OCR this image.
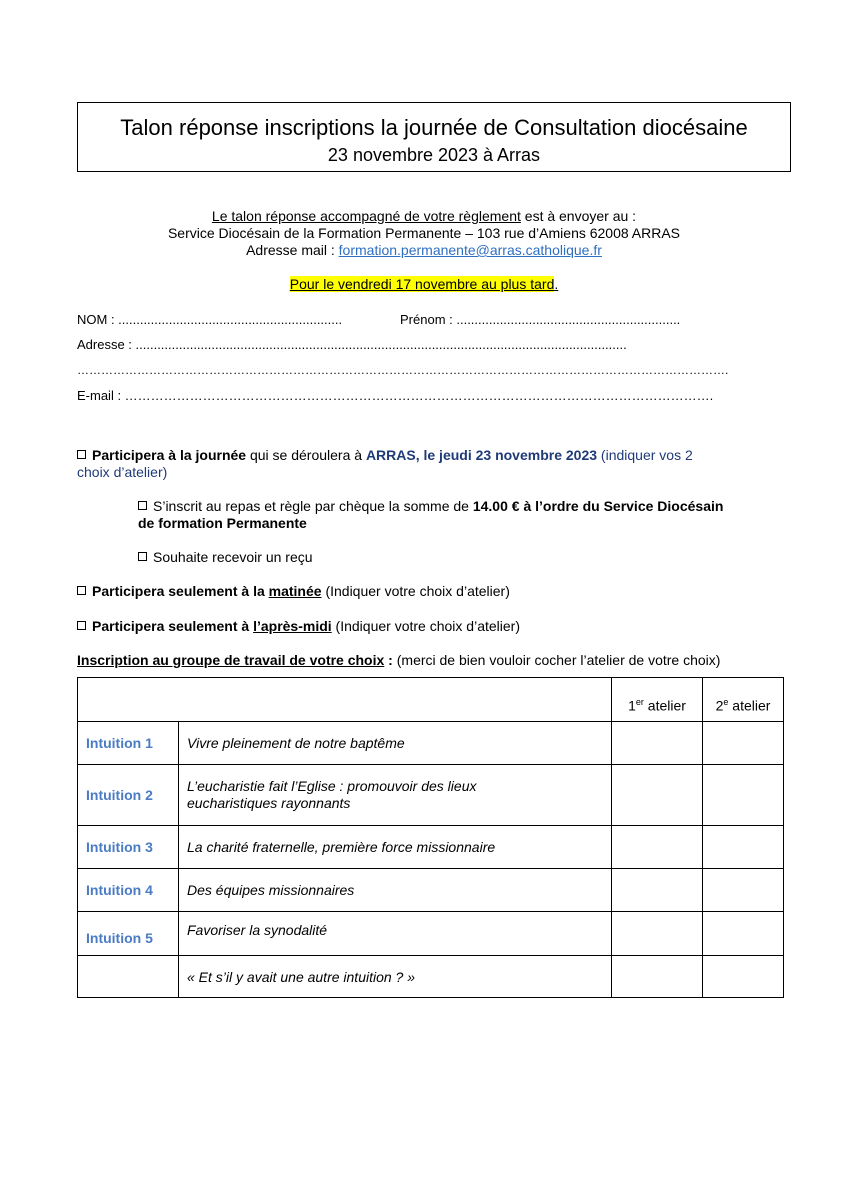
Talon réponse inscriptions la journée de Consultation diocésaine
23 novembre 2023 à Arras
Le talon réponse accompagné de votre règlement est à envoyer au :
Service Diocésain de la Formation Permanente – 103 rue d’Amiens 62008 ARRAS
Adresse mail : formation.permanente@arras.catholique.fr
Pour le vendredi 17 novembre au plus tard.
NOM : ..............................................................	Prénom : ..............................................................
Adresse : ........................................................................................................................................
……………………………………………………………………………………………………………………………………………….
E-mail : ……………………………………………………………………………………………………………………….
Participera à la journée qui se déroulera à ARRAS, le jeudi 23 novembre 2023 (indiquer vos 2
choix d’atelier)
S’inscrit au repas et règle par chèque la somme de 14.00 € à l’ordre du Service Diocésain
de formation Permanente
Souhaite recevoir un reçu
Participera seulement à la matinée (Indiquer votre choix d’atelier)
Participera seulement à l’après-midi (Indiquer votre choix d’atelier)
Inscription au groupe de travail de votre choix : (merci de bien vouloir cocher l’atelier de votre choix)
		1er atelier	2e atelier
Intuition 1	Vivre pleinement de notre baptême		
Intuition 2	L’eucharistie fait l’Eglise : promouvoir des lieux eucharistiques rayonnants		
Intuition 3	La charité fraternelle, première force missionnaire		
Intuition 4	Des équipes missionnaires		
Intuition 5	Favoriser la synodalité		
	« Et s’il y avait une autre intuition ? »		
